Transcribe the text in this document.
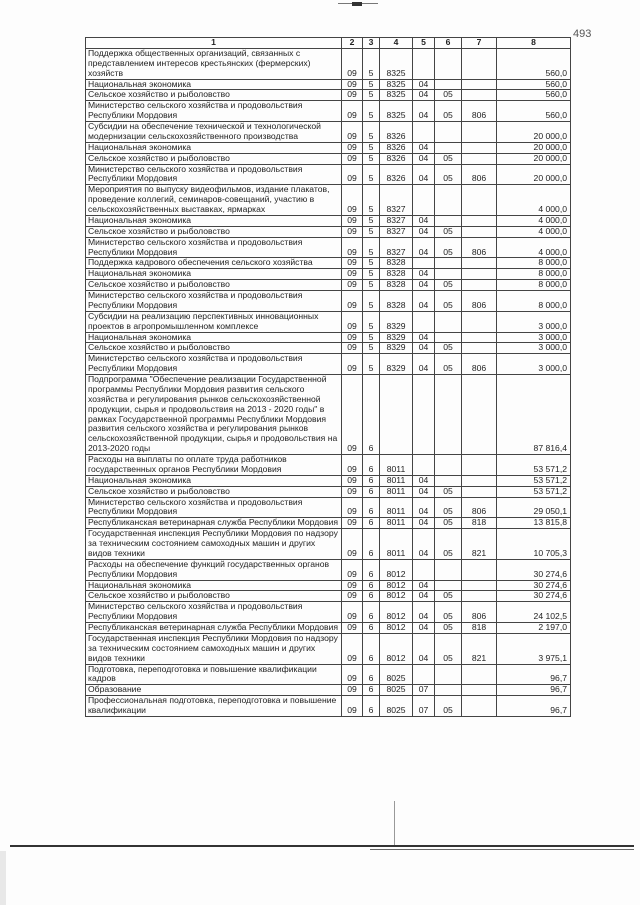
493
1	2	3	4	5	6	7	8
Поддержка общественных организаций, связанных с представлением интересов крестьянских (фермерских) хозяйств	09	5	8325				560,0
Национальная экономика	09	5	8325	04			560,0
Сельское хозяйство и рыболовство	09	5	8325	04	05		560,0
Министерство сельского хозяйства и продовольствия Республики Мордовия	09	5	8325	04	05	806	560,0
Субсидии на обеспечение технической и технологической модернизации сельскохозяйственного производства	09	5	8326				20 000,0
Национальная экономика	09	5	8326	04			20 000,0
Сельское хозяйство и рыболовство	09	5	8326	04	05		20 000,0
Министерство сельского хозяйства и продовольствия Республики Мордовия	09	5	8326	04	05	806	20 000,0
Мероприятия по выпуску видеофильмов, издание плакатов, проведение коллегий, семинаров-совещаний, участию в сельскохозяйственных выставках, ярмарках	09	5	8327				4 000,0
Национальная экономика	09	5	8327	04			4 000,0
Сельское хозяйство и рыболовство	09	5	8327	04	05		4 000,0
Министерство сельского хозяйства и продовольствия Республики Мордовия	09	5	8327	04	05	806	4 000,0
Поддержка кадрового обеспечения сельского хозяйства	09	5	8328				8 000,0
Национальная экономика	09	5	8328	04			8 000,0
Сельское хозяйство и рыболовство	09	5	8328	04	05		8 000,0
Министерство сельского хозяйства и продовольствия Республики Мордовия	09	5	8328	04	05	806	8 000,0
Субсидии на реализацию перспективных инновационных проектов в агропромышленном комплексе	09	5	8329				3 000,0
Национальная экономика	09	5	8329	04			3 000,0
Сельское хозяйство и рыболовство	09	5	8329	04	05		3 000,0
Министерство сельского хозяйства и продовольствия Республики Мордовия	09	5	8329	04	05	806	3 000,0
Подпрограмма "Обеспечение реализации Государственной программы Республики Мордовия развития сельского хозяйства и регулирования рынков сельскохозяйственной продукции, сырья и продовольствия на 2013 - 2020 годы" в рамках Государственной программы Республики Мордовия развития сельского хозяйства и регулирования рынков сельскохозяйственной продукции, сырья и продовольствия на 2013-2020 годы	09	6					87 816,4
Расходы на выплаты по оплате труда работников государственных органов Республики Мордовия	09	6	8011				53 571,2
Национальная экономика	09	6	8011	04			53 571,2
Сельское хозяйство и рыболовство	09	6	8011	04	05		53 571,2
Министерство сельского хозяйства и продовольствия Республики Мордовия	09	6	8011	04	05	806	29 050,1
Республиканская ветеринарная служба Республики Мордовия	09	6	8011	04	05	818	13 815,8
Государственная инспекция Республики Мордовия по надзору за техническим состоянием самоходных машин и других видов техники	09	6	8011	04	05	821	10 705,3
Расходы на обеспечение функций государственных органов Республики Мордовия	09	6	8012				30 274,6
Национальная экономика	09	6	8012	04			30 274,6
Сельское хозяйство и рыболовство	09	6	8012	04	05		30 274,6
Министерство сельского хозяйства и продовольствия Республики Мордовия	09	6	8012	04	05	806	24 102,5
Республиканская ветеринарная служба Республики Мордовия	09	6	8012	04	05	818	2 197,0
Государственная инспекция Республики Мордовия по надзору за техническим состоянием самоходных машин и других видов техники	09	6	8012	04	05	821	3 975,1
Подготовка, переподготовка и повышение квалификации кадров	09	6	8025				96,7
Образование	09	6	8025	07			96,7
Профессиональная подготовка, переподготовка и повышение квалификации	09	6	8025	07	05		96,7
